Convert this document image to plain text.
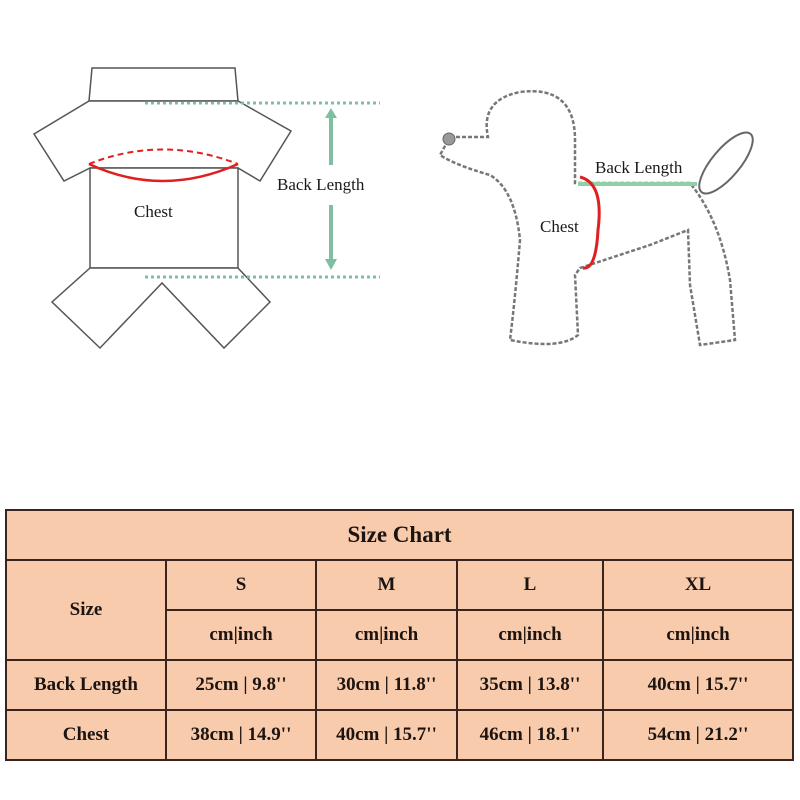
Chest
Back Length
Back Length
Chest
Size Chart				
Size	S	M	L	XL
	cm|inch	cm|inch	cm|inch	cm|inch
Back Length	25cm | 9.8''	30cm | 11.8''	35cm | 13.8''	40cm | 15.7''
Chest	38cm | 14.9''	40cm | 15.7''	46cm | 18.1''	54cm | 21.2''
